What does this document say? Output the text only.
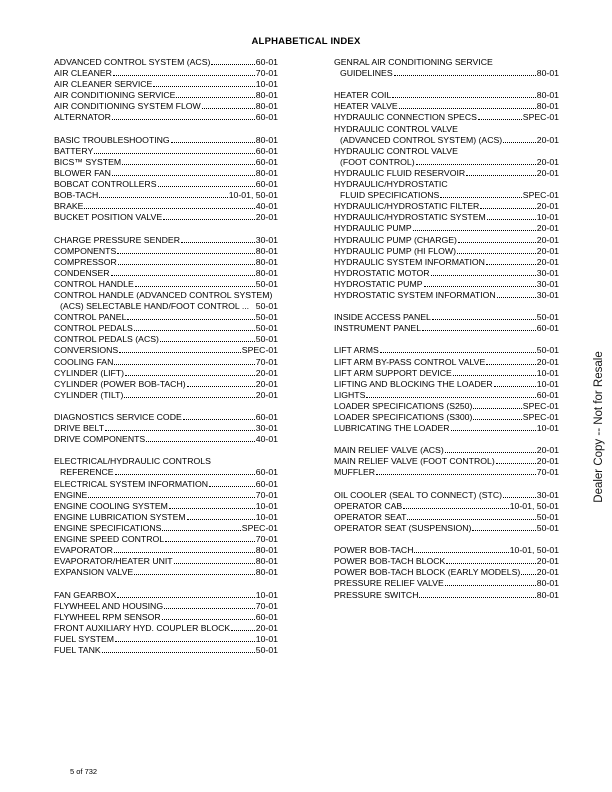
ALPHABETICAL INDEX
ADVANCED CONTROL SYSTEM (ACS)	60-01
AIR CLEANER	70-01
AIR CLEANER SERVICE	10-01
AIR CONDITIONING SERVICE	80-01
AIR CONDITIONING SYSTEM FLOW	80-01
ALTERNATOR	60-01
BASIC TROUBLESHOOTING	80-01
BATTERY	60-01
BICS™ SYSTEM	60-01
BLOWER FAN	80-01
BOBCAT CONTROLLERS	60-01
BOB-TACH	10-01, 50-01
BRAKE	40-01
BUCKET POSITION VALVE	20-01
CHARGE PRESSURE SENDER	30-01
COMPONENTS	80-01
COMPRESSOR	80-01
CONDENSER	80-01
CONTROL HANDLE	50-01
CONTROL HANDLE (ADVANCED CONTROL SYSTEM)
(ACS) SELECTABLE HAND/FOOT CONTROL ... 50-01
CONTROL PANEL	50-01
CONTROL PEDALS	50-01
CONTROL PEDALS (ACS)	50-01
CONVERSIONS	SPEC-01
COOLING FAN	70-01
CYLINDER (LIFT)	20-01
CYLINDER (POWER BOB-TACH)	20-01
CYLINDER (TILT)	20-01
DIAGNOSTICS SERVICE CODE	60-01
DRIVE BELT	30-01
DRIVE COMPONENTS	40-01
ELECTRICAL/HYDRAULIC CONTROLS
REFERENCE	60-01
ELECTRICAL SYSTEM INFORMATION	60-01
ENGINE	70-01
ENGINE COOLING SYSTEM	10-01
ENGINE LUBRICATION SYSTEM	10-01
ENGINE SPECIFICATIONS	SPEC-01
ENGINE SPEED CONTROL	70-01
EVAPORATOR	80-01
EVAPORATOR/HEATER UNIT	80-01
EXPANSION VALVE	80-01
FAN GEARBOX	10-01
FLYWHEEL AND HOUSING	70-01
FLYWHEEL RPM SENSOR	60-01
FRONT AUXILIARY HYD. COUPLER BLOCK	20-01
FUEL SYSTEM	10-01
FUEL TANK	50-01
GENRAL AIR CONDITIONING SERVICE
GUIDELINES	80-01
HEATER COIL	80-01
HEATER VALVE	80-01
HYDRAULIC CONNECTION SPECS	SPEC-01
HYDRAULIC CONTROL VALVE
(ADVANCED CONTROL SYSTEM) (ACS)	20-01
HYDRAULIC CONTROL VALVE
(FOOT CONTROL)	20-01
HYDRAULIC FLUID RESERVOIR	20-01
HYDRAULIC/HYDROSTATIC
FLUID SPECIFICATIONS	SPEC-01
HYDRAULIC/HYDROSTATIC FILTER	20-01
HYDRAULIC/HYDROSTATIC SYSTEM	10-01
HYDRAULIC PUMP	20-01
HYDRAULIC PUMP (CHARGE)	20-01
HYDRAULIC PUMP (HI FLOW)	20-01
HYDRAULIC SYSTEM INFORMATION	20-01
HYDROSTATIC MOTOR	30-01
HYDROSTATIC PUMP	30-01
HYDROSTATIC SYSTEM INFORMATION	30-01
INSIDE ACCESS PANEL	50-01
INSTRUMENT PANEL	60-01
LIFT ARMS	50-01
LIFT ARM BY-PASS CONTROL VALVE	20-01
LIFT ARM SUPPORT DEVICE	10-01
LIFTING AND BLOCKING THE LOADER	10-01
LIGHTS	60-01
LOADER SPECIFICATIONS (S250)	SPEC-01
LOADER SPECIFICATIONS (S300)	SPEC-01
LUBRICATING THE LOADER	10-01
MAIN RELIEF VALVE (ACS)	20-01
MAIN RELIEF VALVE (FOOT CONTROL)	20-01
MUFFLER	70-01
OIL COOLER (SEAL TO CONNECT) (STC)	30-01
OPERATOR CAB	10-01, 50-01
OPERATOR SEAT	50-01
OPERATOR SEAT (SUSPENSION)	50-01
POWER BOB-TACH	10-01, 50-01
POWER BOB-TACH BLOCK	20-01
POWER BOB-TACH BLOCK (EARLY MODELS) 20-01
PRESSURE RELIEF VALVE	80-01
PRESSURE SWITCH	80-01
Dealer Copy -- Not for Resale
5 of 732
